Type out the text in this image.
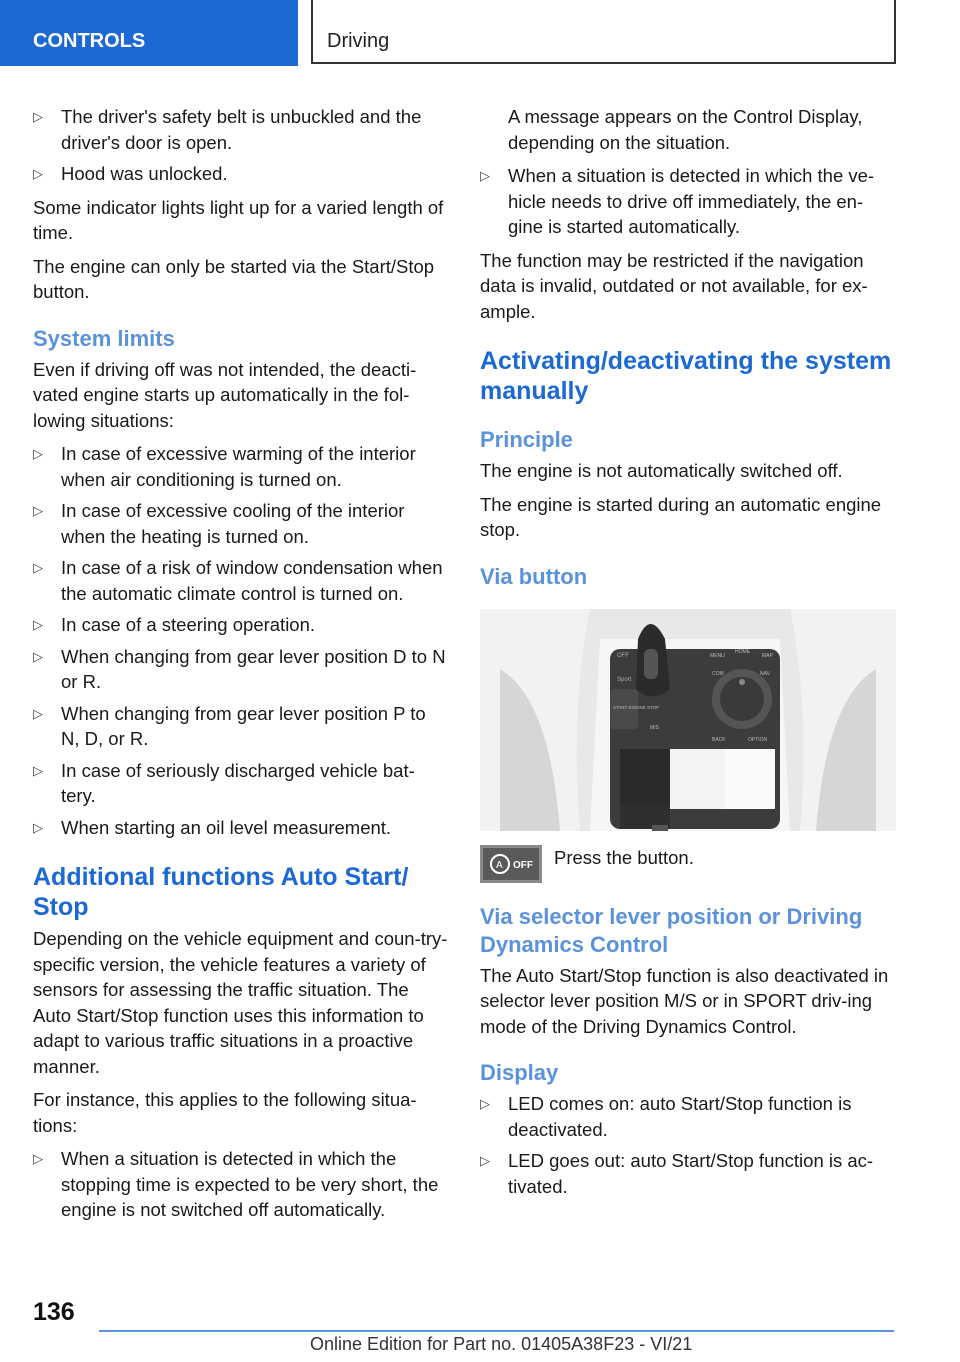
CONTROLS	Driving
▷ The driver's safety belt is unbuckled and the driver's door is open.
▷ Hood was unlocked.

Some indicator lights light up for a varied length of time.

The engine can only be started via the Start/Stop button.

System limits

Even if driving off was not intended, the deacti-vated engine starts up automatically in the fol-lowing situations:

▷ In case of excessive warming of the interior when air conditioning is turned on.
▷ In case of excessive cooling of the interior when the heating is turned on.
▷ In case of a risk of window condensation when the automatic climate control is turned on.
▷ In case of a steering operation.
▷ When changing from gear lever position D to N or R.
▷ When changing from gear lever position P to N, D, or R.
▷ In case of seriously discharged vehicle bat-tery.
▷ When starting an oil level measurement.
Additional functions Auto Start/ Stop

Depending on the vehicle equipment and coun-try-specific version, the vehicle features a variety of sensors for assessing the traffic situation. The Auto Start/Stop function uses this information to adapt to various traffic situations in a proactive manner.

For instance, this applies to the following situa-tions:

▷ When a situation is detected in which the stopping time is expected to be very short, the engine is not switched off automatically.

A message appears on the Control Display, depending on the situation.

▷ When a situation is detected in which the ve-hicle needs to drive off immediately, the en-gine is started automatically.

The function may be restricted if the navigation data is invalid, outdated or not available, for ex-ample.

Activating/deactivating the system manually
Principle

The engine is not automatically switched off.

The engine is started during an automatic engine stop.

Via button
OFF
Sport
START ENGINE STOP
MENU
HOME
MAP
COM	NAV
BACK	OPTION
M/S
A OFF Press the button.
Via selector lever position or Driving Dynamics Control

The Auto Start/Stop function is also deactivated in selector lever position M/S or in SPORT driv-ing mode of the Driving Dynamics Control.

Display
▷ LED comes on: auto Start/Stop function is deactivated.
▷ LED goes out: auto Start/Stop function is ac-tivated.
136
Online Edition for Part no. 01405A38F23 - VI/21
